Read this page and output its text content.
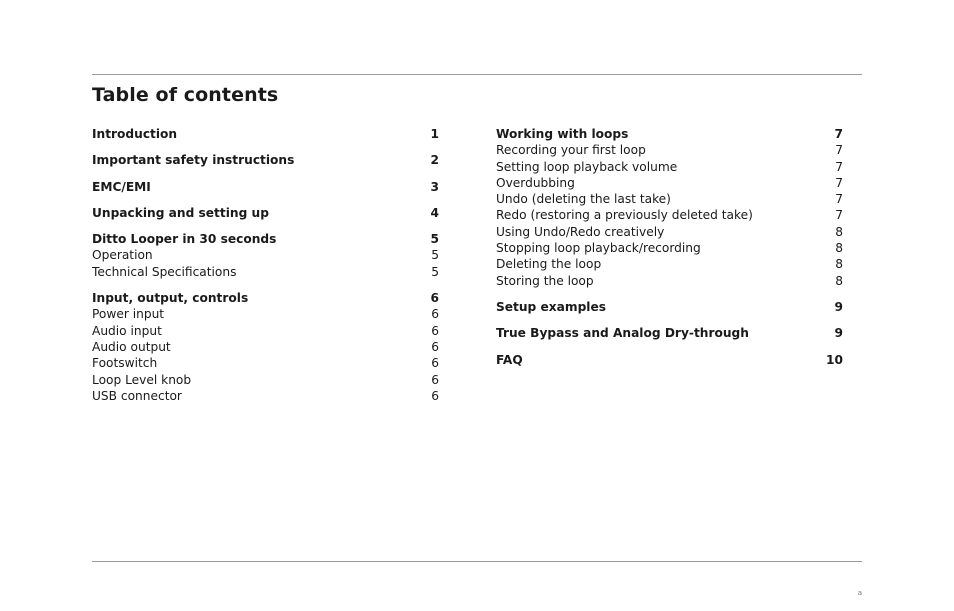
Table of contents
Introduction	1
Important safety instructions	2
EMC/EMI	3
Unpacking and setting up	4
Ditto Looper in 30 seconds	5
Operation	5
Technical Specifications	5
Input, output, controls	6
Power input	6
Audio input	6
Audio output	6
Footswitch	6
Loop Level knob	6
USB connector	6
Working with loops	7
Recording your first loop	7
Setting loop playback volume	7
Overdubbing	7
Undo (deleting the last take)	7
Redo (restoring a previously deleted take)	7
Using Undo/Redo creatively	8
Stopping loop playback/recording	8
Deleting the loop	8
Storing the loop	8
Setup examples	9
True Bypass and Analog Dry-through	9
FAQ	10
a
